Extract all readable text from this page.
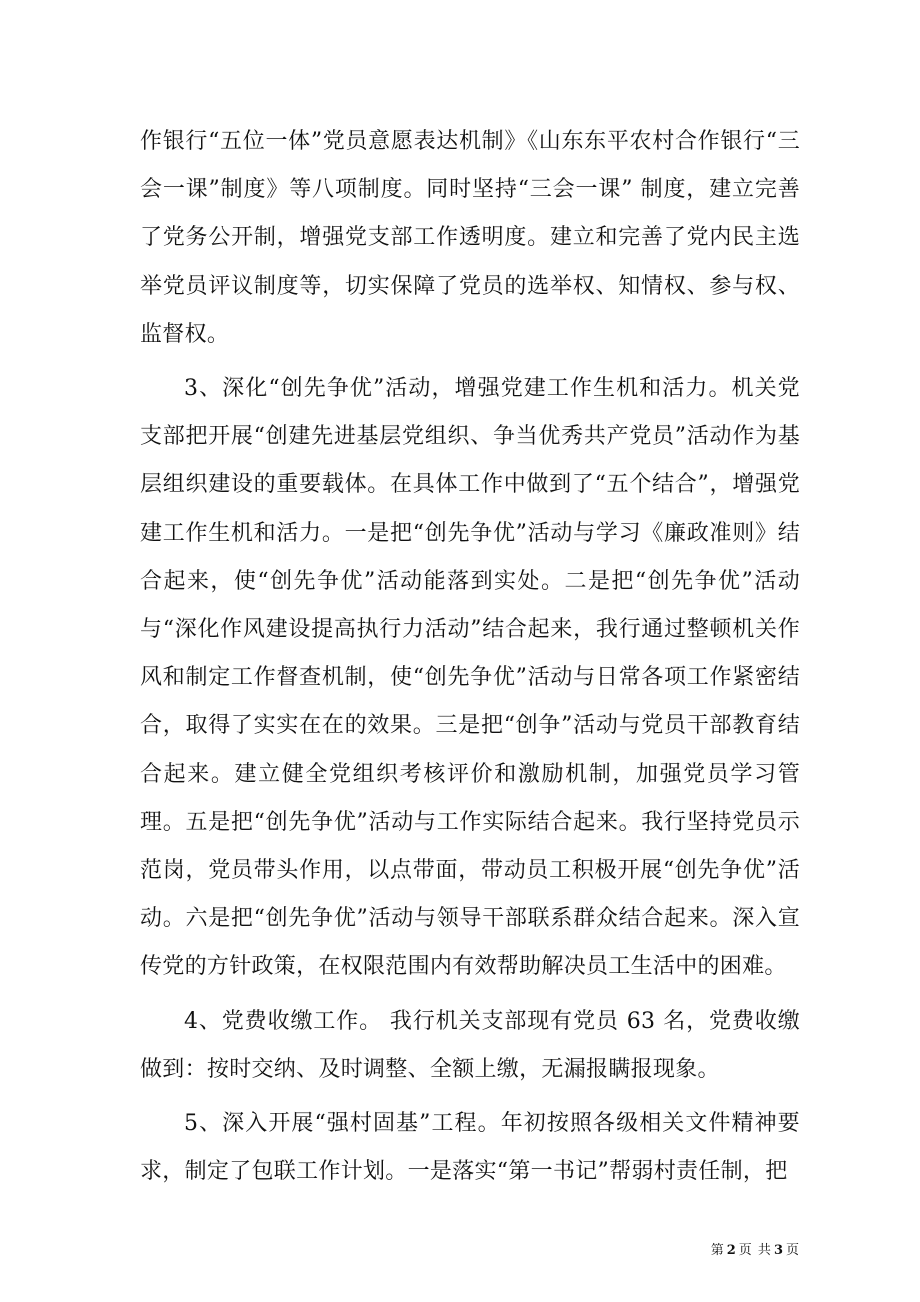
作银行“五位一体”党员意愿表达机制》《山东东平农村合作银行“三会一课”制度》等八项制度。同时坚持“三会一课” 制度，建立完善了党务公开制，增强党支部工作透明度。建立和完善了党内民主选举党员评议制度等，切实保障了党员的选举权、知情权、参与权、监督权。

3、深化“创先争优”活动，增强党建工作生机和活力。机关党支部把开展“创建先进基层党组织、争当优秀共产党员”活动作为基层组织建设的重要载体。在具体工作中做到了“五个结合”，增强党建工作生机和活力。一是把“创先争优”活动与学习《廉政准则》结合起来，使“创先争优”活动能落到实处。二是把“创先争优”活动与“深化作风建设提高执行力活动”结合起来，我行通过整顿机关作风和制定工作督查机制，使“创先争优”活动与日常各项工作紧密结合，取得了实实在在的效果。三是把“创争”活动与党员干部教育结合起来。建立健全党组织考核评价和激励机制，加强党员学习管理。五是把“创先争优”活动与工作实际结合起来。我行坚持党员示范岗，党员带头作用，以点带面，带动员工积极开展“创先争优”活动。六是把“创先争优”活动与领导干部联系群众结合起来。深入宣传党的方针政策，在权限范围内有效帮助解决员工生活中的困难。

4、党费收缴工作。 我行机关支部现有党员 63 名，党费收缴做到：按时交纳、及时调整、全额上缴，无漏报瞒报现象。

5、深入开展“强村固基”工程。年初按照各级相关文件精神要求，制定了包联工作计划。一是落实“第一书记”帮弱村责任制，把

第 2 页 共 3 页
